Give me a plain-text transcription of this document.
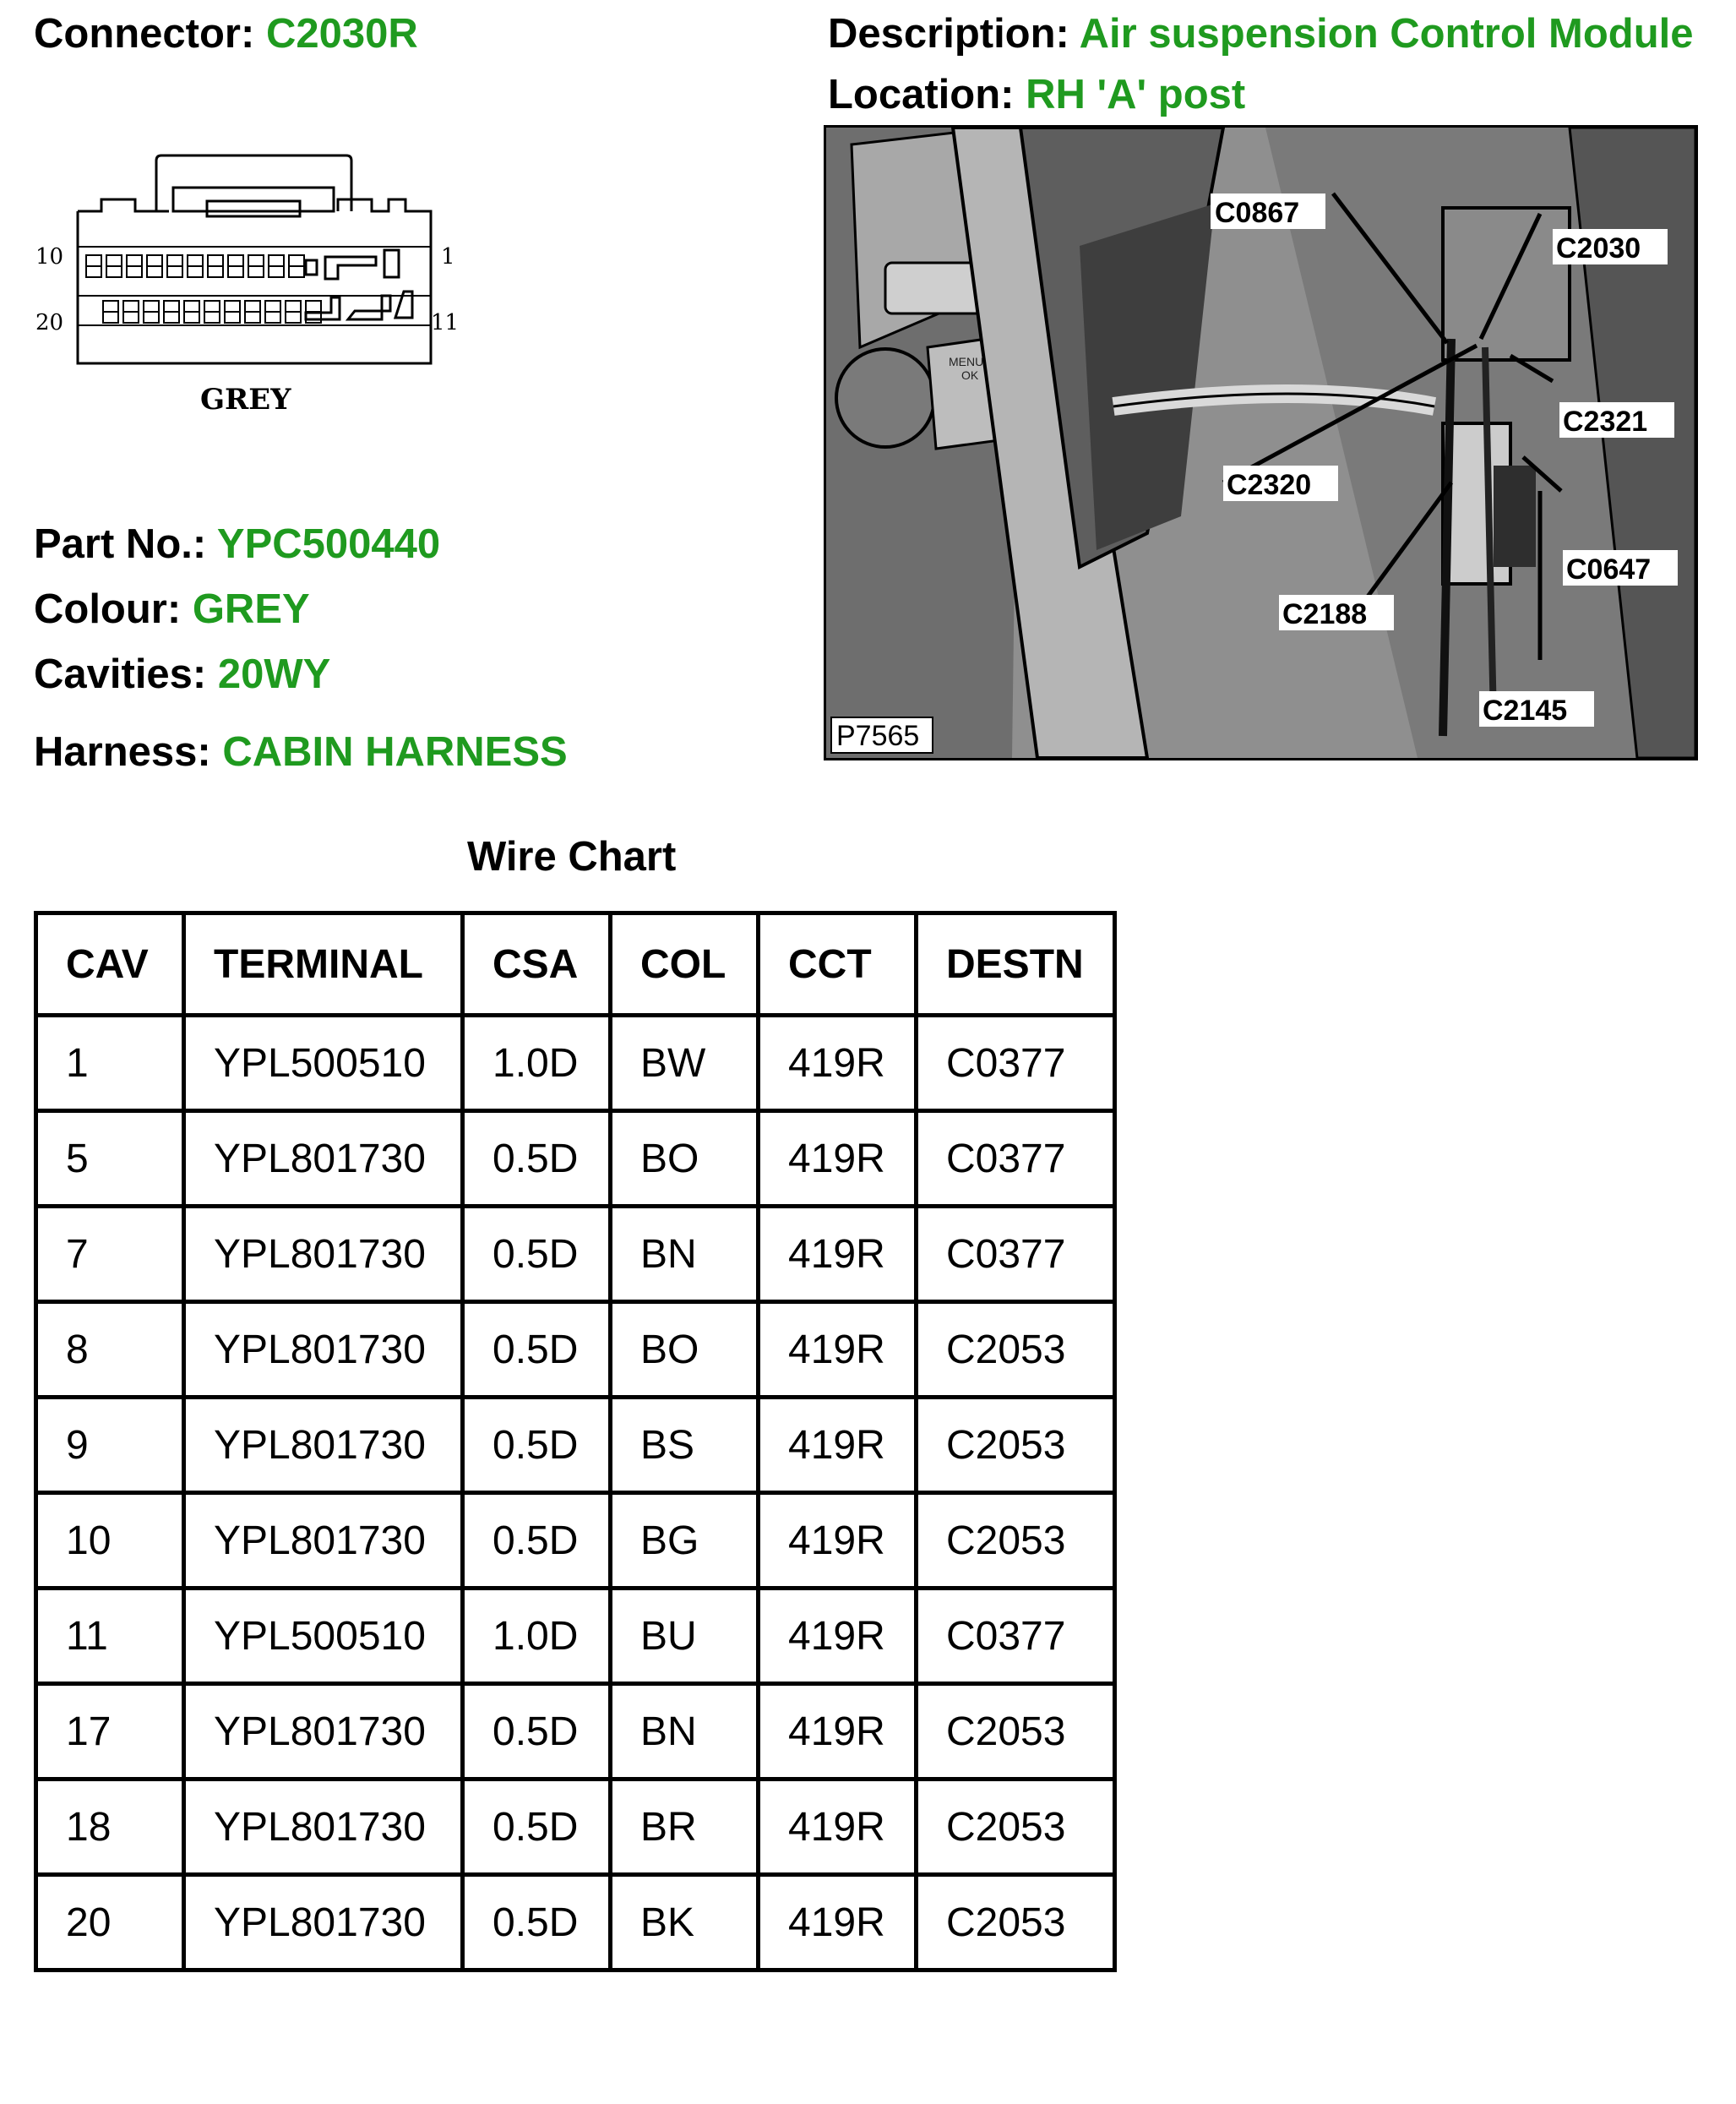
Connector: C2030R	Description: Air suspension Control Module
Location: RH 'A' post
10	1
20	11
GREY
C0867
C2030
C2321
C2320
C0647
C2188
C2145
MENU
OK
P7565
Part No.: YPC500440
Colour: GREY
Cavities: 20WY
Harness: CABIN HARNESS
Wire Chart
CAV	TERMINAL	CSA	COL	CCT	DESTN
1	YPL500510	1.0D	BW	419R	C0377
5	YPL801730	0.5D	BO	419R	C0377
7	YPL801730	0.5D	BN	419R	C0377
8	YPL801730	0.5D	BO	419R	C2053
9	YPL801730	0.5D	BS	419R	C2053
10	YPL801730	0.5D	BG	419R	C2053
11	YPL500510	1.0D	BU	419R	C0377
17	YPL801730	0.5D	BN	419R	C2053
18	YPL801730	0.5D	BR	419R	C2053
20	YPL801730	0.5D	BK	419R	C2053
